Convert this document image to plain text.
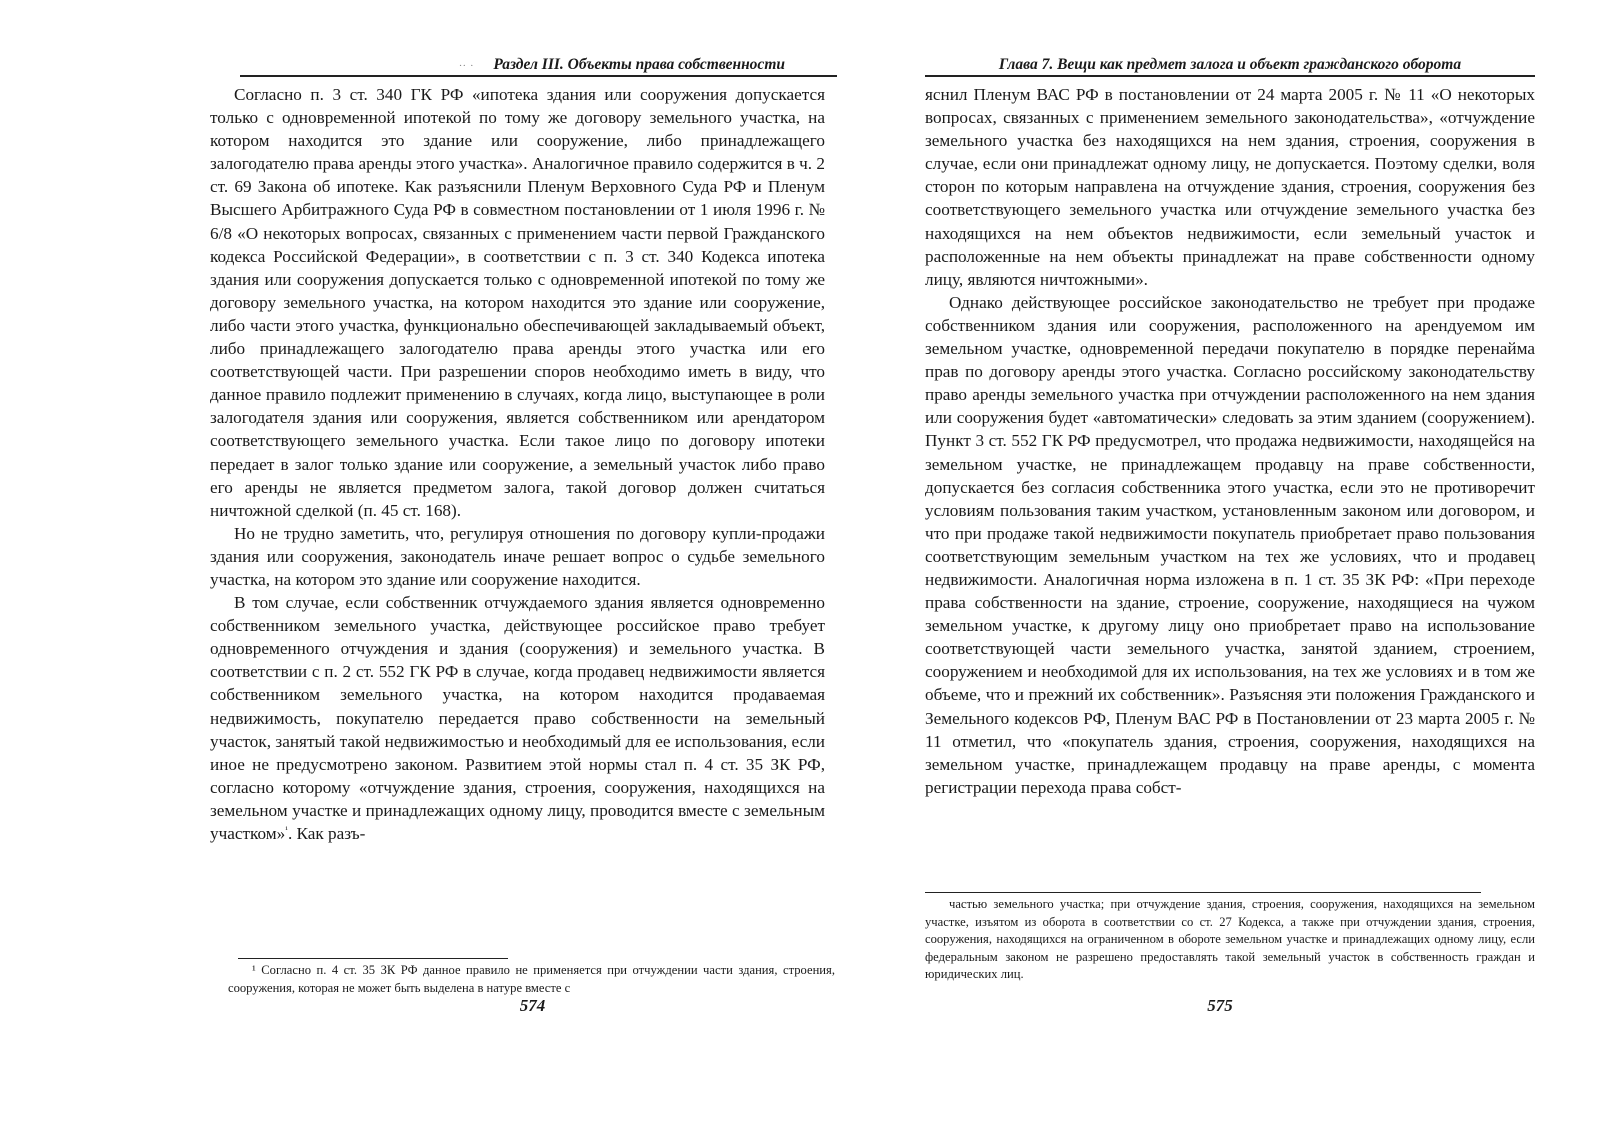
·· · Раздел III. Объекты права собственности

Согласно п. 3 ст. 340 ГК РФ «ипотека здания или сооружения допускается только с одновременной ипотекой по тому же договору земельного участка, на котором находится это здание или сооружение, либо принадлежащего залогодателю права аренды этого участка». Аналогичное правило содержится в ч. 2 ст. 69 Закона об ипотеке. Как разъяснили Пленум Верховного Суда РФ и Пленум Высшего Арбитражного Суда РФ в совместном постановлении от 1 июля 1996 г. № 6/8 «О некоторых вопросах, связанных с применением части первой Гражданского кодекса Российской Федерации», в соответствии с п. 3 ст. 340 Кодекса ипотека здания или сооружения допускается только с одновременной ипотекой по тому же договору земельного участка, на котором находится это здание или сооружение, либо части этого участка, функционально обеспечивающей закладываемый объект, либо принадлежащего залогодателю права аренды этого участка или его соответствующей части. При разрешении споров необходимо иметь в виду, что данное правило подлежит применению в случаях, когда лицо, выступающее в роли залогодателя здания или сооружения, является собственником или арендатором соответствующего земельного участка. Если такое лицо по договору ипотеки передает в залог только здание или сооружение, а земельный участок либо право его аренды не является предметом залога, такой договор должен считаться ничтожной сделкой (п. 45 ст. 168).

Но не трудно заметить, что, регулируя отношения по договору купли-продажи здания или сооружения, законодатель иначе решает вопрос о судьбе земельного участка, на котором это здание или сооружение находится.

В том случае, если собственник отчуждаемого здания является одновременно собственником земельного участка, действующее российское право требует одновременного отчуждения и здания (сооружения) и земельного участка. В соответствии с п. 2 ст. 552 ГК РФ в случае, когда продавец недвижимости является собственником земельного участка, на котором находится продаваемая недвижимость, покупателю передается право собственности на земельный участок, занятый такой недвижимостью и необходимый для ее использования, если иное не предусмотрено законом. Развитием этой нормы стал п. 4 ст. 35 ЗК РФ, согласно которому «отчуждение здания, строения, сооружения, находящихся на земельном участке и принадлежащих одному лицу, проводится вместе с земельным участком»$^{^1}$. Как разъ-

¹ Согласно п. 4 ст. 35 ЗК РФ данное правило не применяется при отчуждении части здания, строения, сооружения, которая не может быть выделена в натуре вместе с

574
Глава 7. Вещи как предмет залога и объект гражданского оборота

яснил Пленум ВАС РФ в постановлении от 24 марта 2005 г. № 11 «О некоторых вопросах, связанных с применением земельного законодательства», «отчуждение земельного участка без находящихся на нем здания, строения, сооружения в случае, если они принадлежат одному лицу, не допускается. Поэтому сделки, воля сторон по которым направлена на отчуждение здания, строения, сооружения без соответствующего земельного участка или отчуждение земельного участка без находящихся на нем объектов недвижимости, если земельный участок и расположенные на нем объекты принадлежат на праве собственности одному лицу, являются ничтожными».

Однако действующее российское законодательство не требует при продаже собственником здания или сооружения, расположенного на арендуемом им земельном участке, одновременной передачи покупателю в порядке перенайма прав по договору аренды этого участка. Согласно российскому законодательству право аренды земельного участка при отчуждении расположенного на нем здания или сооружения будет «автоматически» следовать за этим зданием (сооружением). Пункт 3 ст. 552 ГК РФ предусмотрел, что продажа недвижимости, находящейся на земельном участке, не принадлежащем продавцу на праве собственности, допускается без согласия собственника этого участка, если это не противоречит условиям пользования таким участком, установленным законом или договором, и что при продаже такой недвижимости покупатель приобретает право пользования соответствующим земельным участком на тех же условиях, что и продавец недвижимости. Аналогичная норма изложена в п. 1 ст. 35 ЗК РФ: «При переходе права собственности на здание, строение, сооружение, находящиеся на чужом земельном участке, к другому лицу оно приобретает право на использование соответствующей части земельного участка, занятой зданием, строением, сооружением и необходимой для их использования, на тех же условиях и в том же объеме, что и прежний их собственник». Разъясняя эти положения Гражданского и Земельного кодексов РФ, Пленум ВАС РФ в Постановлении от 23 марта 2005 г. № 11 отметил, что «покупатель здания, строения, сооружения, находящихся на земельном участке, принадлежащем продавцу на праве аренды, с момента регистрации перехода права собст-

частью земельного участка; при отчуждение здания, строения, сооружения, находящихся на земельном участке, изъятом из оборота в соответствии со ст. 27 Кодекса, а также при отчуждении здания, строения, сооружения, находящихся на ограниченном в обороте земельном участке и принадлежащих одному лицу, если федеральным законом не разрешено предоставлять такой земельный участок в собственность граждан и юридических лиц.

575
